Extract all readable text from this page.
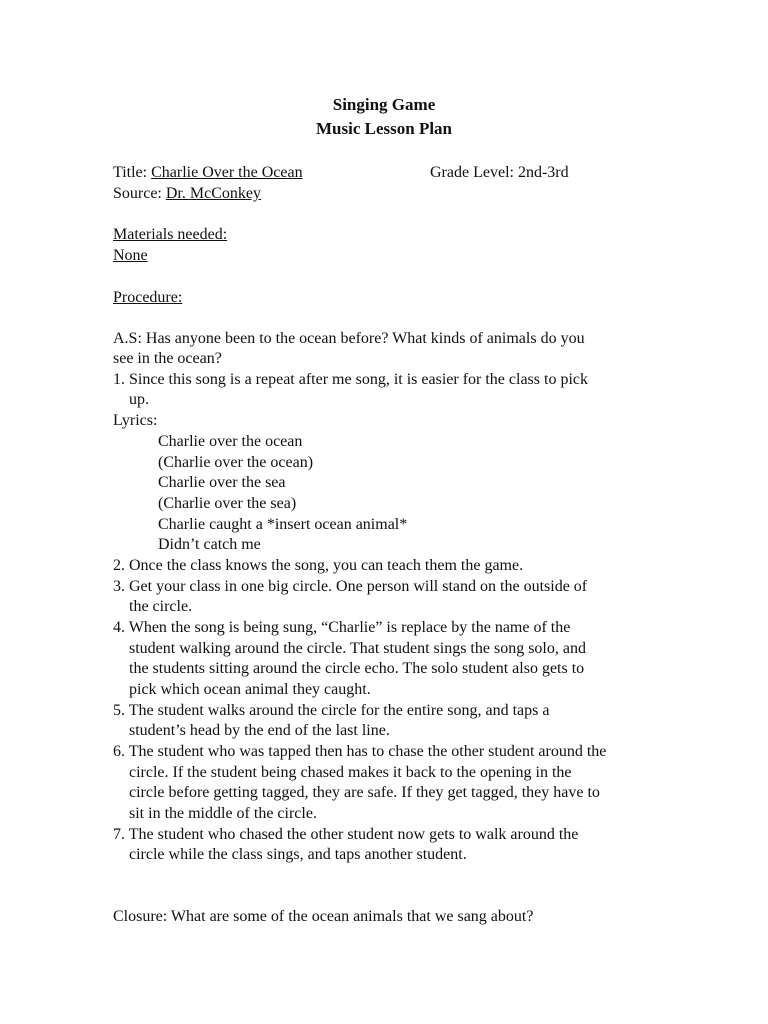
Singing Game
Music Lesson Plan
Title: Charlie Over the Ocean	Grade Level: 2nd-3rd
Source: Dr. McConkey
Materials needed:
None
Procedure:
A.S: Has anyone been to the ocean before? What kinds of animals do you
see in the ocean?
1. Since this song is a repeat after me song, it is easier for the class to pick
up.
Lyrics:
Charlie over the ocean
(Charlie over the ocean)
Charlie over the sea
(Charlie over the sea)
Charlie caught a *insert ocean animal*
Didn’t catch me
2. Once the class knows the song, you can teach them the game.
3. Get your class in one big circle. One person will stand on the outside of
the circle.
4. When the song is being sung, “Charlie” is replace by the name of the
student walking around the circle. That student sings the song solo, and
the students sitting around the circle echo. The solo student also gets to
pick which ocean animal they caught.
5. The student walks around the circle for the entire song, and taps a
student’s head by the end of the last line.
6. The student who was tapped then has to chase the other student around the
circle. If the student being chased makes it back to the opening in the
circle before getting tagged, they are safe. If they get tagged, they have to
sit in the middle of the circle.
7. The student who chased the other student now gets to walk around the
circle while the class sings, and taps another student.
Closure: What are some of the ocean animals that we sang about?
